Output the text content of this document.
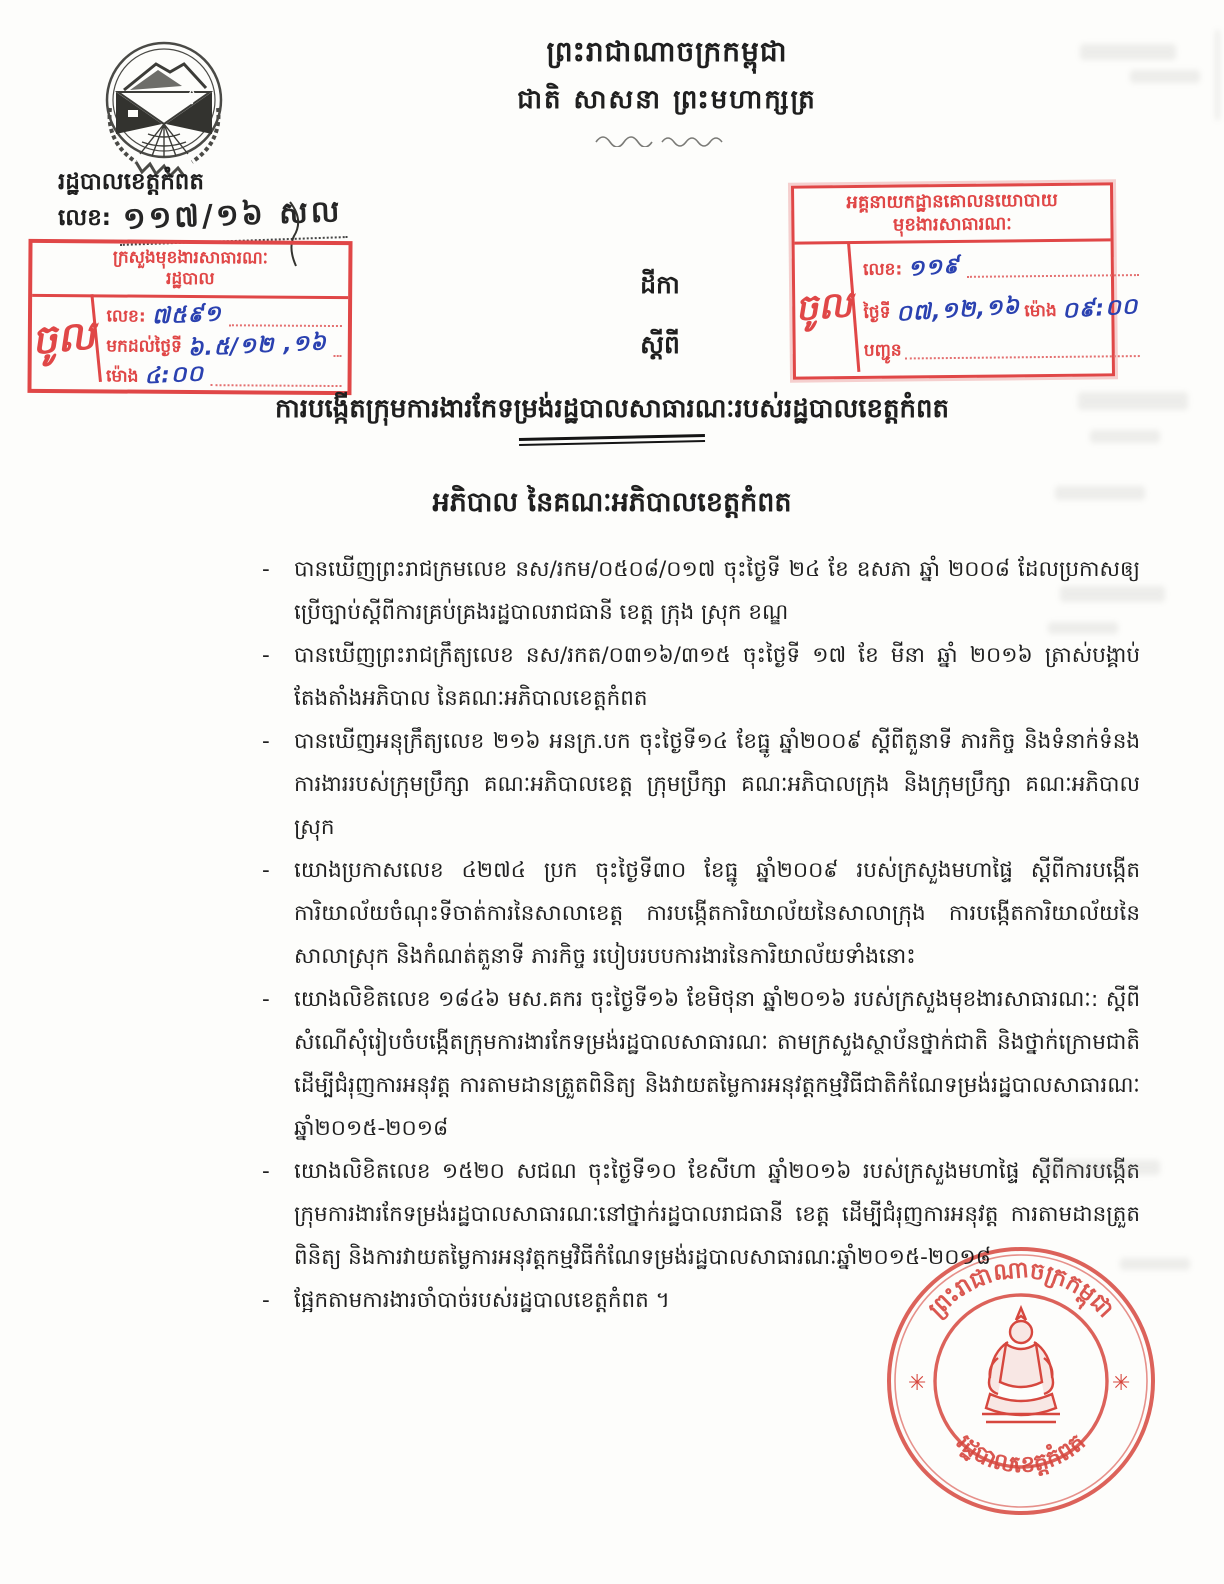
ព្រះរាជាណាចក្រកម្ពុជា
ជាតិ សាសនា ព្រះមហាក្សត្រ
រដ្ឋបាលខេត្តកំពត
លេខ: ១១៧/១៦ សល
ក្រសួងមុខងារសាធារណៈ
រដ្ឋបាល
ចូល លេខ: ៧៥៩១
មកដល់ថ្ងៃទី ៦.៥/១២ ,១៦
ម៉ោង ៤:០០
អគ្គនាយកដ្ឋានគោលនយោបាយ
មុខងារសាធារណៈ
ចូល
លេខ: ១១៩
ថ្ងៃទី ០៧,១២,១៦ ម៉ោង ០៩:០០
បញ្ជូន
ដីកា
ស្តីពី
ការបង្កើតក្រុមការងារកែទម្រង់រដ្ឋបាលសាធារណៈរបស់រដ្ឋបាលខេត្តកំពត
អភិបាល នៃគណៈអភិបាលខេត្តកំពត
-	បានឃើញព្រះរាជក្រមលេខ នស/រកម/០៥០៨/០១៧ ចុះថ្ងៃទី ២៤ ខែ ឧសភា ឆ្នាំ ២០០៨ ដែលប្រកាសឲ្យប្រើច្បាប់ស្តីពីការគ្រប់គ្រងរដ្ឋបាលរាជធានី ខេត្ត ក្រុង ស្រុក ខណ្ឌ
-	បានឃើញព្រះរាជក្រឹត្យលេខ នស/រកត/០៣១៦/៣១៥ ចុះថ្ងៃទី ១៧ ខែ មីនា ឆ្នាំ ២០១៦ ត្រាស់បង្គាប់តែងតាំងអភិបាល នៃគណៈអភិបាលខេត្តកំពត
-	បានឃើញអនុក្រឹត្យលេខ ២១៦ អនក្រ.បក ចុះថ្ងៃទី១៤ ខែធ្នូ ឆ្នាំ២០០៩ ស្តីពីតួនាទី ភារកិច្ច និងទំនាក់ទំនងការងាររបស់ក្រុមប្រឹក្សា គណៈអភិបាលខេត្ត ក្រុមប្រឹក្សា គណៈអភិបាលក្រុង និងក្រុមប្រឹក្សា គណៈអភិបាលស្រុក
-	យោងប្រកាសលេខ ៤២៧៤ ប្រក ចុះថ្ងៃទី៣០ ខែធ្នូ ឆ្នាំ២០០៩ របស់ក្រសួងមហាផ្ទៃ ស្តីពីការបង្កើតការិយាល័យចំណុះទីចាត់ការនៃសាលាខេត្ត ការបង្កើតការិយាល័យនៃសាលាក្រុង ការបង្កើតការិយាល័យនៃសាលាស្រុក និងកំណត់តួនាទី ភារកិច្ច របៀបរបបការងារនៃការិយាល័យទាំងនោះ
-	យោងលិខិតលេខ ១៨៤៦ មស.គករ ចុះថ្ងៃទី១៦ ខែមិថុនា ឆ្នាំ២០១៦ របស់ក្រសួងមុខងារសាធារណៈ: ស្តីពីសំណើសុំរៀបចំបង្កើតក្រុមការងារកែទម្រង់រដ្ឋបាលសាធារណៈ តាមក្រសួងស្ថាប័នថ្នាក់ជាតិ និងថ្នាក់ក្រោមជាតិដើម្បីជំរុញការអនុវត្ត ការតាមដានត្រួតពិនិត្យ និងវាយតម្លៃការអនុវត្តកម្មវិធីជាតិកំណែទម្រង់រដ្ឋបាលសាធារណៈឆ្នាំ២០១៥-២០១៨
-	យោងលិខិតលេខ ១៥២០ សជណ ចុះថ្ងៃទី១០ ខែសីហា ឆ្នាំ២០១៦ របស់ក្រសួងមហាផ្ទៃ ស្តីពីការបង្កើតក្រុមការងារកែទម្រង់រដ្ឋបាលសាធារណៈនៅថ្នាក់រដ្ឋបាលរាជធានី ខេត្ត ដើម្បីជំរុញការអនុវត្ត ការតាមដានត្រួតពិនិត្យ និងការវាយតម្លៃការអនុវត្តកម្មវិធីកំណែទម្រង់រដ្ឋបាលសាធារណៈឆ្នាំ២០១៥-២០១៨
-	ផ្អែកតាមការងារចាំបាច់របស់រដ្ឋបាលខេត្តកំពត ។	ព្រះរាជាណាចក្រកម្ពុជា
រដ្ឋបាលខេត្តកំពត
✳	✳
